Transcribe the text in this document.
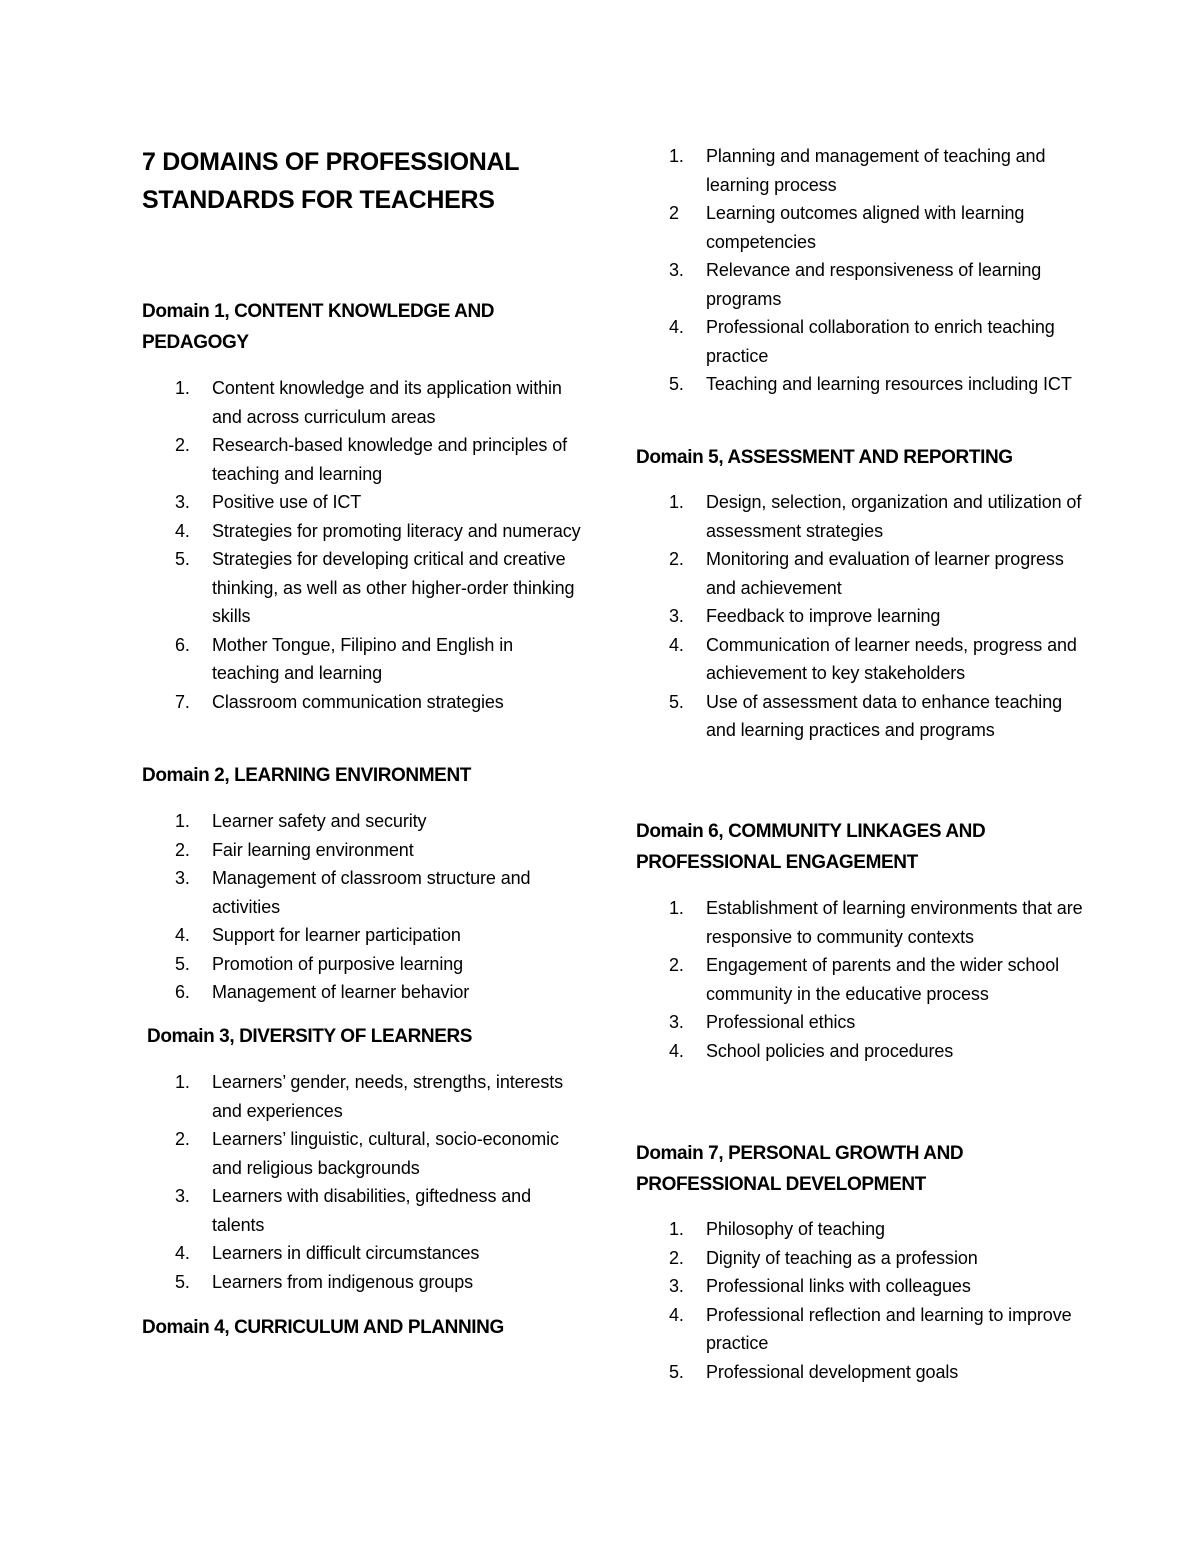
7 DOMAINS OF PROFESSIONAL
STANDARDS FOR TEACHERS
Domain 1, CONTENT KNOWLEDGE AND PEDAGOGY
1. Content knowledge and its application within and across curriculum areas
2. Research-based knowledge and principles of teaching and learning
3. Positive use of ICT
4. Strategies for promoting literacy and numeracy
5. Strategies for developing critical and creative thinking, as well as other higher-order thinking skills
6. Mother Tongue, Filipino and English in teaching and learning
7. Classroom communication strategies
Domain 2, LEARNING ENVIRONMENT
1. Learner safety and security
2. Fair learning environment
3. Management of classroom structure and activities
4. Support for learner participation
5. Promotion of purposive learning
6. Management of learner behavior
Domain 3, DIVERSITY OF LEARNERS
1. Learners’ gender, needs, strengths, interests and experiences
2. Learners’ linguistic, cultural, socio-economic and religious backgrounds
3. Learners with disabilities, giftedness and talents
4. Learners in difficult circumstances
5. Learners from indigenous groups
Domain 4, CURRICULUM AND PLANNING
1. Planning and management of teaching and learning process
2 Learning outcomes aligned with learning competencies
3. Relevance and responsiveness of learning programs
4. Professional collaboration to enrich teaching practice
5. Teaching and learning resources including ICT
Domain 5, ASSESSMENT AND REPORTING
1. Design, selection, organization and utilization of assessment strategies
2. Monitoring and evaluation of learner progress and achievement
3. Feedback to improve learning
4. Communication of learner needs, progress and achievement to key stakeholders
5. Use of assessment data to enhance teaching and learning practices and programs
Domain 6, COMMUNITY LINKAGES AND PROFESSIONAL ENGAGEMENT
1. Establishment of learning environments that are responsive to community contexts
2. Engagement of parents and the wider school community in the educative process
3. Professional ethics
4. School policies and procedures
Domain 7, PERSONAL GROWTH AND PROFESSIONAL DEVELOPMENT
1. Philosophy of teaching
2. Dignity of teaching as a profession
3. Professional links with colleagues
4. Professional reflection and learning to improve practice
5. Professional development goals
